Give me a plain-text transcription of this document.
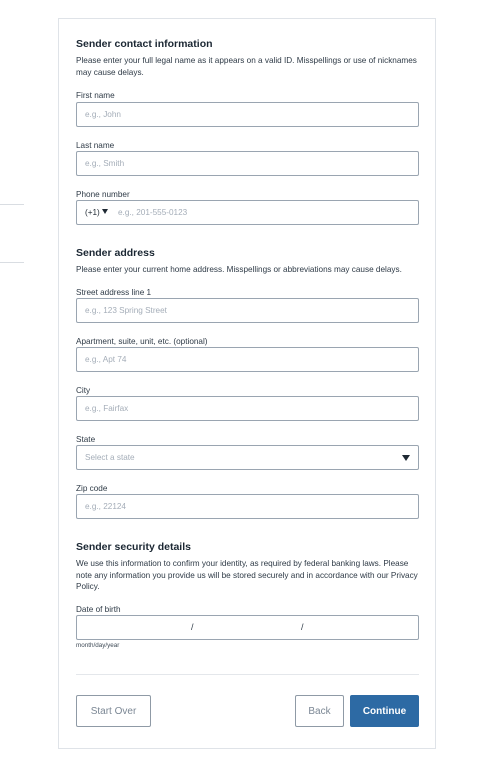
Sender contact information

Please enter your full legal name as it appears on a valid ID. Misspellings or use of nicknames may cause delays.

First name
e.g., John
Last name
e.g., Smith
Phone number
(+1)
e.g., 201-555-0123
Sender address

Please enter your current home address. Misspellings or abbreviations may cause delays.

Street address line 1
e.g., 123 Spring Street
Apartment, suite, unit, etc. (optional)
e.g., Apt 74
City
e.g., Fairfax
State
Select a state
Zip code
e.g., 22124
Sender security details

We use this information to confirm your identity, as required by federal banking laws. Please note any information you provide us will be stored securely and in accordance with our Privacy Policy.

Date of birth
/	/
month/day/year
Start Over	Back	Continue
